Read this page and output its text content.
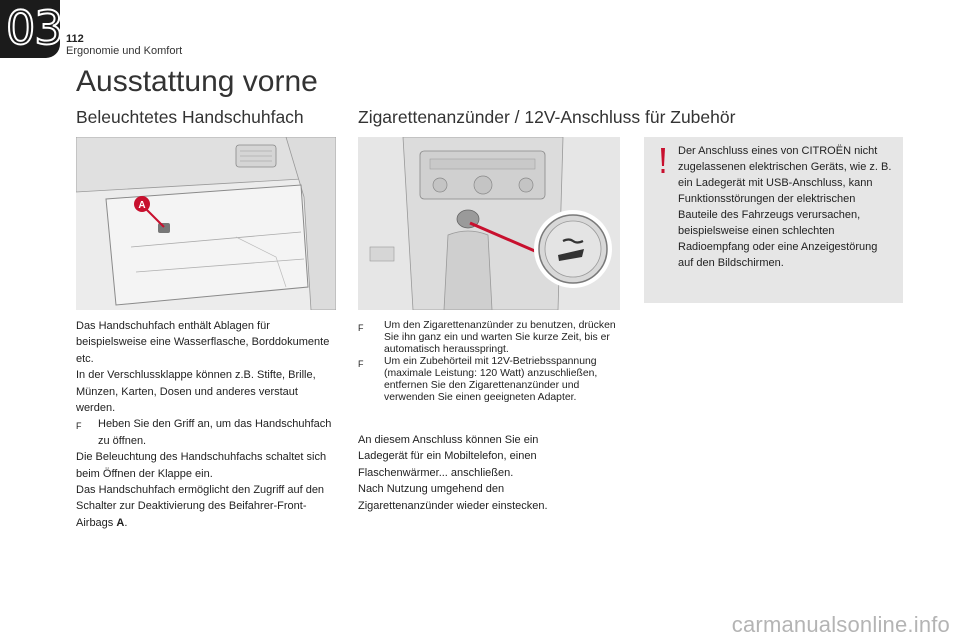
03 112
Ergonomie und Komfort
Ausstattung vorne
Beleuchtetes Handschuhfach
A

Das Handschuhfach enthält Ablagen für beispielsweise eine Wasserflasche, Borddokumente etc.

In der Verschlussklappe können z.B. Stifte, Brille, Münzen, Karten, Dosen und anderes verstaut werden.

F	Heben Sie den Griff an, um das Handschuhfach zu öffnen.

Die Beleuchtung des Handschuhfachs schaltet sich beim Öffnen der Klappe ein.

Das Handschuhfach ermöglicht den Zugriff auf den Schalter zur Deaktivierung des Beifahrer-Front-Airbags A.

Zigarettenanzünder / 12V-Anschluss für Zubehör
F	Um den Zigarettenanzünder zu benutzen, drücken Sie ihn ganz ein und warten Sie kurze Zeit, bis er automatisch herausspringt.
F	Um ein Zubehörteil mit 12V-Betriebsspannung (maximale Leistung: 120 Watt) anzuschließen, entfernen Sie den Zigarettenanzünder und verwenden Sie einen geeigneten Adapter.

An diesem Anschluss können Sie ein Ladegerät für ein Mobiltelefon, einen Flaschenwärmer... anschließen.

Nach Nutzung umgehend den Zigarettenanzünder wieder einstecken.

Der Anschluss eines von CITROËN nicht zugelassenen elektrischen Geräts, wie z. B. ein Ladegerät mit USB-Anschluss, kann Funktionsstörungen der elektrischen Bauteile des Fahrzeugs verursachen, beispielsweise einen schlechten Radioempfang oder eine Anzeigestörung auf den Bildschirmen.
carmanualsonline.info
